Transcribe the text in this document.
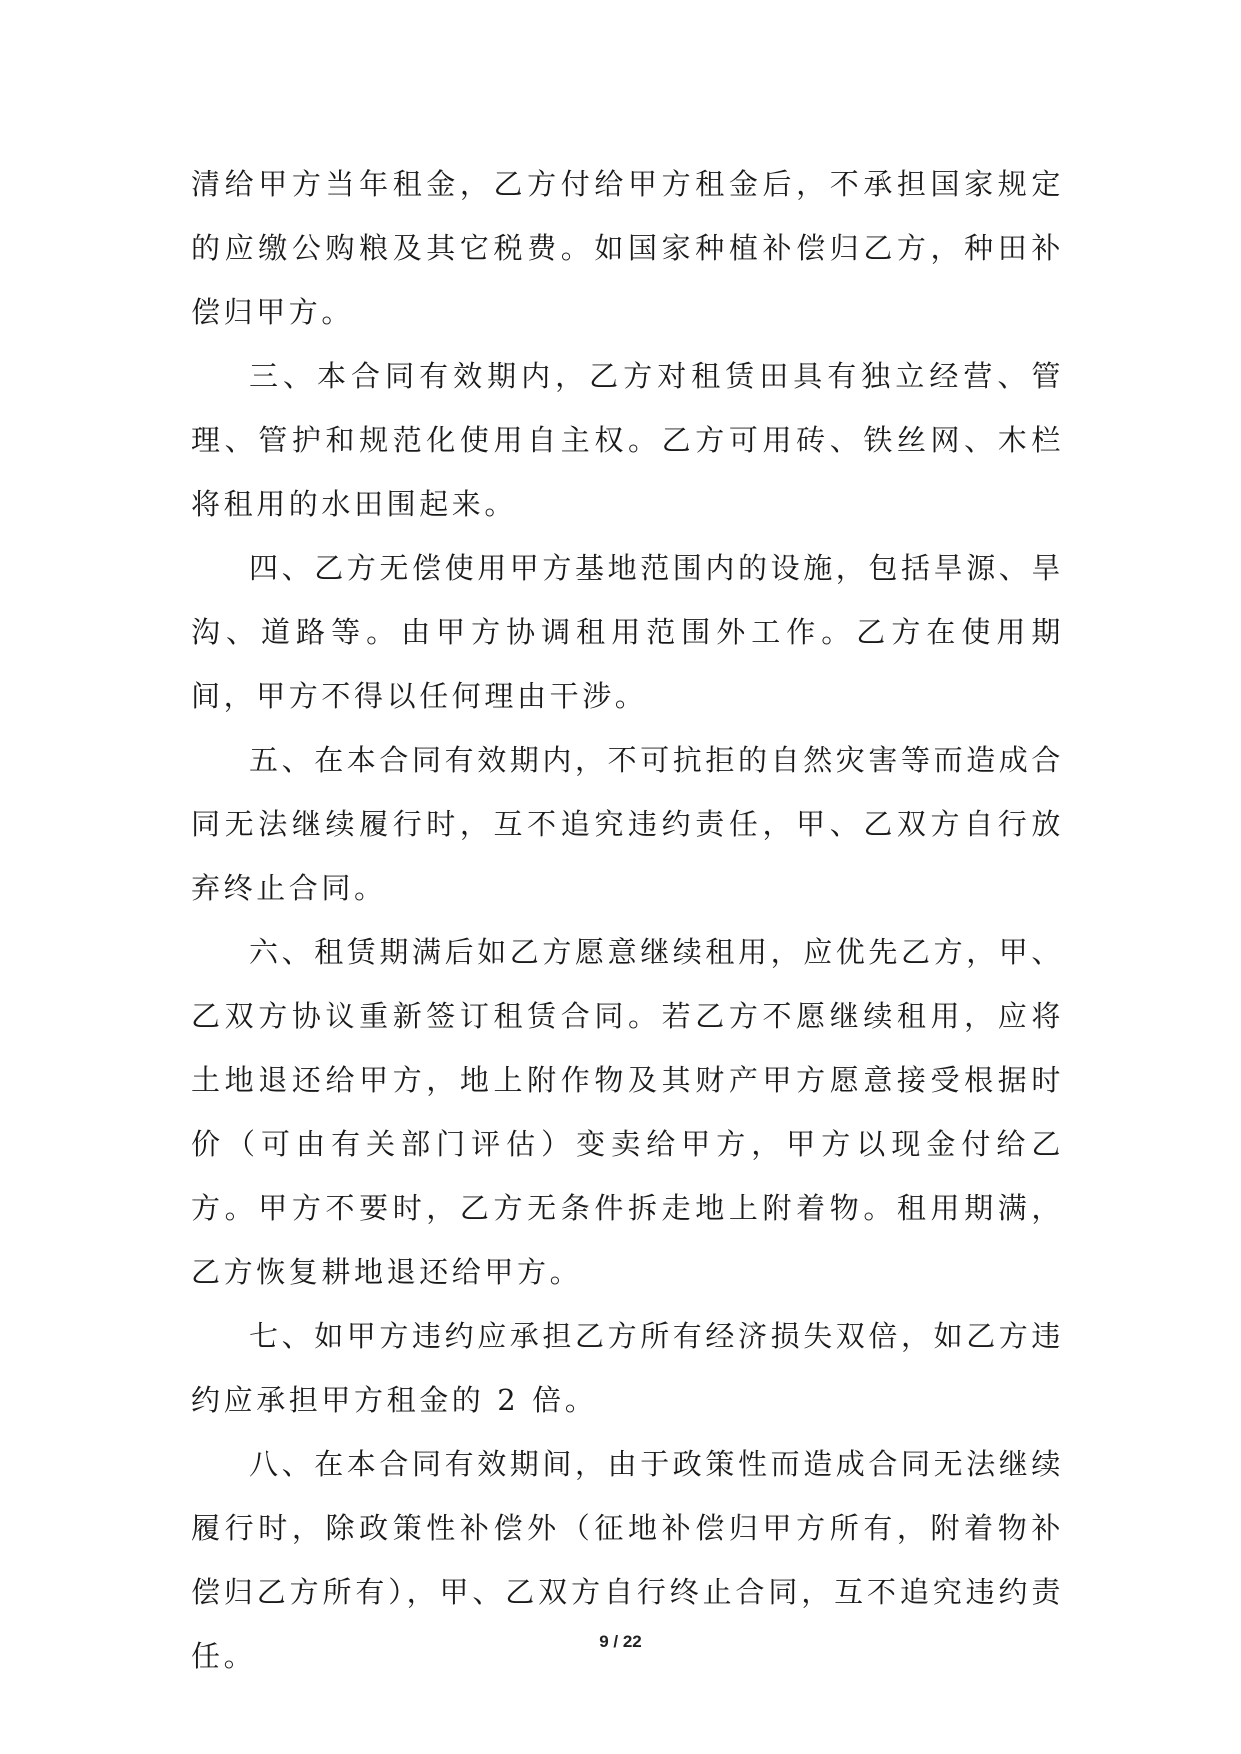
清给甲方当年租金，乙方付给甲方租金后，不承担国家规定的应缴公购粮及其它税费。如国家种植补偿归乙方，种田补偿归甲方。

三、本合同有效期内，乙方对租赁田具有独立经营、管理、管护和规范化使用自主权。乙方可用砖、铁丝网、木栏将租用的水田围起来。

四、乙方无偿使用甲方基地范围内的设施，包括旱源、旱沟、道路等。由甲方协调租用范围外工作。乙方在使用期间，甲方不得以任何理由干涉。

五、在本合同有效期内，不可抗拒的自然灾害等而造成合同无法继续履行时，互不追究违约责任，甲、乙双方自行放弃终止合同。

六、租赁期满后如乙方愿意继续租用，应优先乙方，甲、乙双方协议重新签订租赁合同。若乙方不愿继续租用，应将土地退还给甲方，地上附作物及其财产甲方愿意接受根据时价（可由有关部门评估）变卖给甲方，甲方以现金付给乙方。甲方不要时，乙方无条件拆走地上附着物。租用期满，乙方恢复耕地退还给甲方。

七、如甲方违约应承担乙方所有经济损失双倍，如乙方违约应承担甲方租金的 2 倍。

八、在本合同有效期间，由于政策性而造成合同无法继续履行时，除政策性补偿外（征地补偿归甲方所有，附着物补偿归乙方所有），甲、乙双方自行终止合同，互不追究违约责任。	9 / 22
